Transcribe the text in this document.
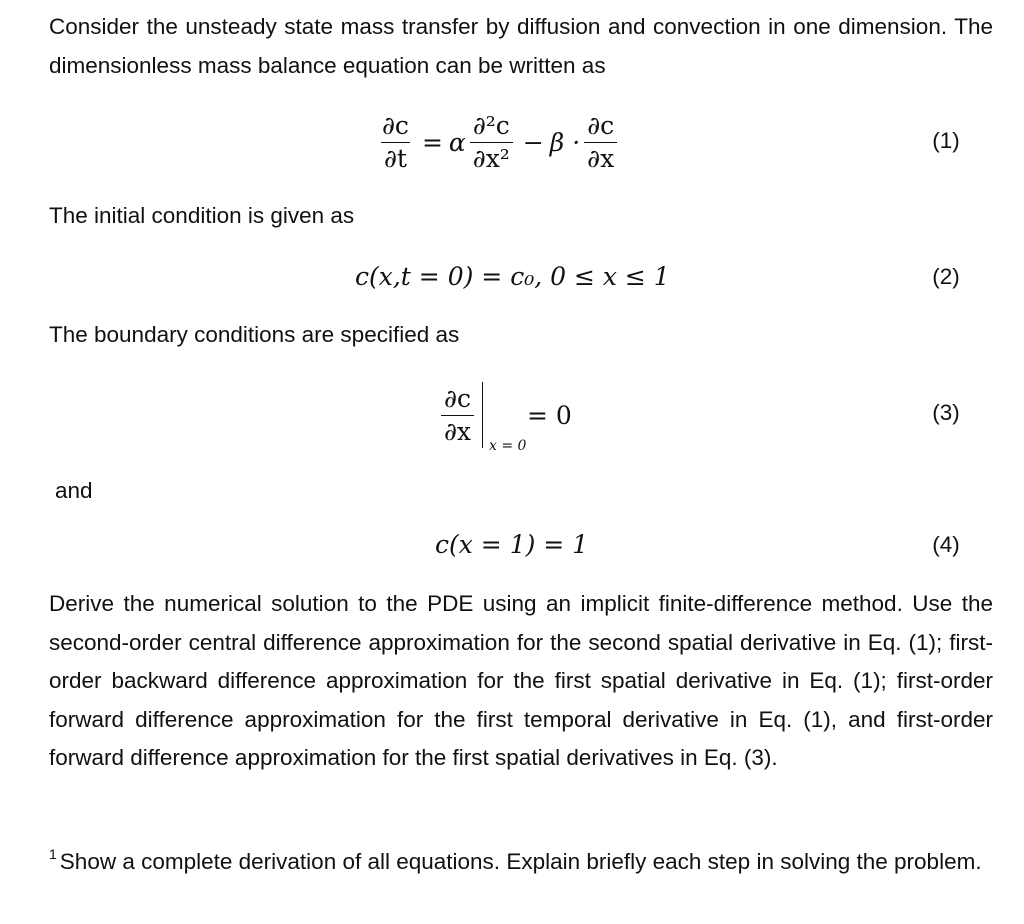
Consider the unsteady state mass transfer by diffusion and convection in one dimension. The dimensionless mass balance equation can be written as

$\frac{\partial c}{\partial t} = \alpha \frac{\text{∂²c}}{\text{∂x²}} - \beta \cdot \frac{\partial c}{\partial x}$	(1)

The initial condition is given as

c(x,t = 0) = c₀, 0 ≤ x ≤ 1	(2)

The boundary conditions are specified as

$\frac{\partial c}{\partial x}$
x = 0
= 0	(3)

and

c(x = 1) = 1	(4)

Derive the numerical solution to the PDE using an implicit finite-difference method. Use the second-order central difference approximation for the second spatial derivative in Eq. (1); first-order backward difference approximation for the first spatial derivative in Eq. (1); first-order forward difference approximation for the first temporal derivative in Eq. (1), and first-order forward difference approximation for the first spatial derivatives in Eq. (3).

$^1$ Show a complete derivation of all equations. Explain briefly each step in solving the problem.
